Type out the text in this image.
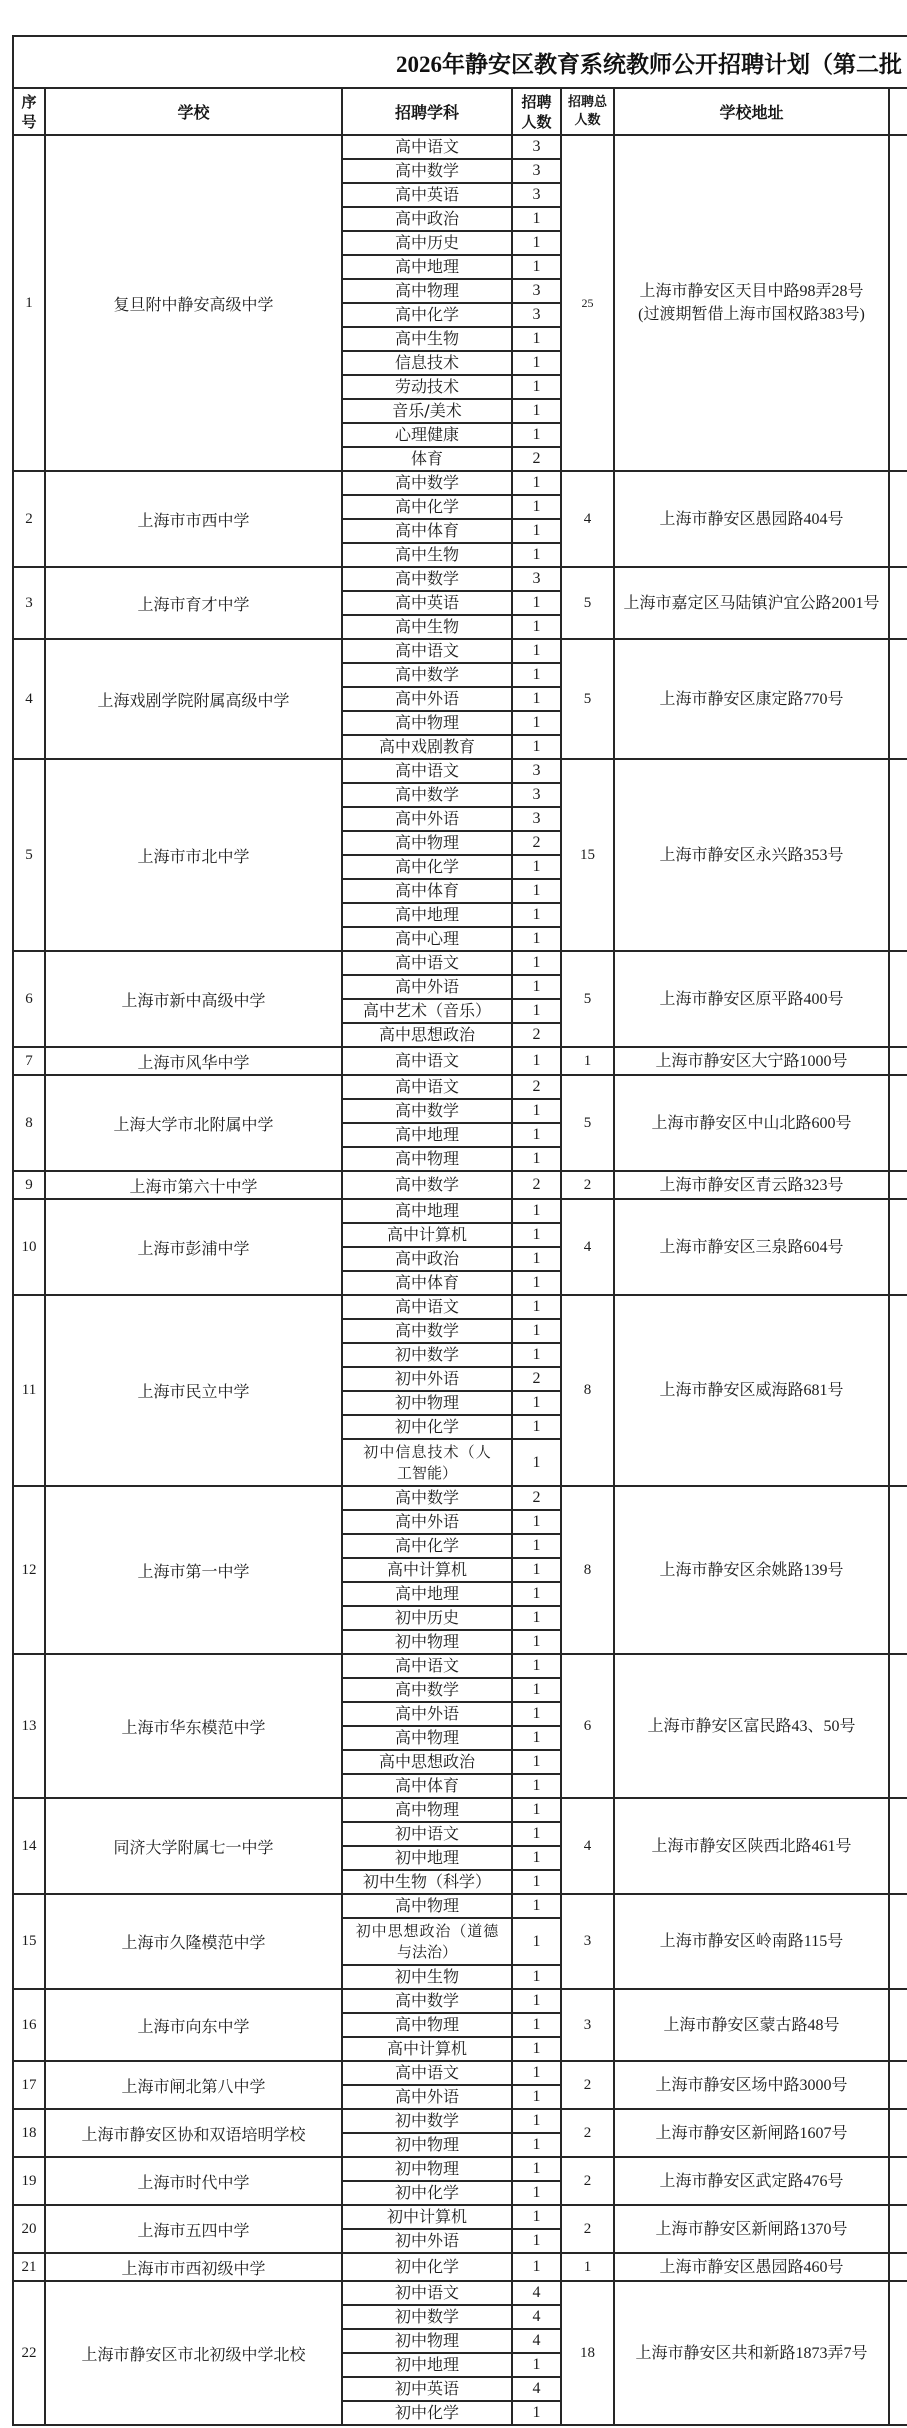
2026年静安区教育系统教师公开招聘计划（第二批						
序号	学校	招聘学科	招聘人数	招聘总人数	学校地址	
1	复旦附中静安高级中学	高中语文	3	25	上海市静安区天目中路98弄28号
(过渡期暂借上海市国权路383号)	

		高中数学	3			
		高中英语	3			
		高中政治	1			
		高中历史	1			
		高中地理	1			
		高中物理	3			
		高中化学	3			
		高中生物	1			
		信息技术	1			
		劳动技术	1			
		音乐/美术	1			
		心理健康	1			
		体育	2			
2	上海市市西中学	高中数学	1	4	上海市静安区愚园路404号	

		高中化学	1			
		高中体育	1			
		高中生物	1			
3	上海市育才中学	高中数学	3	5	上海市嘉定区马陆镇沪宜公路2001号	

		高中英语	1			
		高中生物	1			
4	上海戏剧学院附属高级中学	高中语文	1	5	上海市静安区康定路770号	

		高中数学	1			
		高中外语	1			
		高中物理	1			
		高中戏剧教育	1			
5	上海市市北中学	高中语文	3	15	上海市静安区永兴路353号	

		高中数学	3			
		高中外语	3			
		高中物理	2			
		高中化学	1			
		高中体育	1			
		高中地理	1			
		高中心理	1			
6	上海市新中高级中学	高中语文	1	5	上海市静安区原平路400号	

		高中外语	1			
		高中艺术（音乐）	1			
		高中思想政治	2			
7	上海市风华中学	高中语文	1	1	上海市静安区大宁路1000号	

8	上海大学市北附属中学	高中语文	2	5	上海市静安区中山北路600号	

		高中数学	1			
		高中地理	1			
		高中物理	1			
9	上海市第六十中学	高中数学	2	2	上海市静安区青云路323号	

10	上海市彭浦中学	高中地理	1	4	上海市静安区三泉路604号	

		高中计算机	1			
		高中政治	1			
		高中体育	1			
11	上海市民立中学	高中语文	1	8	上海市静安区威海路681号	

		高中数学	1			
		初中数学	1			
		初中外语	2			
		初中物理	1			
		初中化学	1			
		初中信息技术（人工智能）	1			
12	上海市第一中学	高中数学	2	8	上海市静安区余姚路139号	

		高中外语	1			
		高中化学	1			
		高中计算机	1			
		高中地理	1			
		初中历史	1			
		初中物理	1			
13	上海市华东模范中学	高中语文	1	6	上海市静安区富民路43、50号	

		高中数学	1			
		高中外语	1			
		高中物理	1			
		高中思想政治	1			
		高中体育	1			
14	同济大学附属七一中学	高中物理	1	4	上海市静安区陕西北路461号	

		初中语文	1			
		初中地理	1			
		初中生物（科学）	1			
15	上海市久隆模范中学	高中物理	1	3	上海市静安区岭南路115号	

		初中思想政治（道德与法治）	1			
		初中生物	1			
16	上海市向东中学	高中数学	1	3	上海市静安区蒙古路48号	

		高中物理	1			
		高中计算机	1			
17	上海市闸北第八中学	高中语文	1	2	上海市静安区场中路3000号	

		高中外语	1			
18	上海市静安区协和双语培明学校	初中数学	1	2	上海市静安区新闸路1607号	

		初中物理	1			
19	上海市时代中学	初中物理	1	2	上海市静安区武定路476号	

		初中化学	1			
20	上海市五四中学	初中计算机	1	2	上海市静安区新闸路1370号	

		初中外语	1			
21	上海市市西初级中学	初中化学	1	1	上海市静安区愚园路460号	

22	上海市静安区市北初级中学北校	初中语文	4	18	上海市静安区共和新路1873弄7号	

		初中数学	4			
		初中物理	4			
		初中地理	1			
		初中英语	4			
		初中化学	1			
